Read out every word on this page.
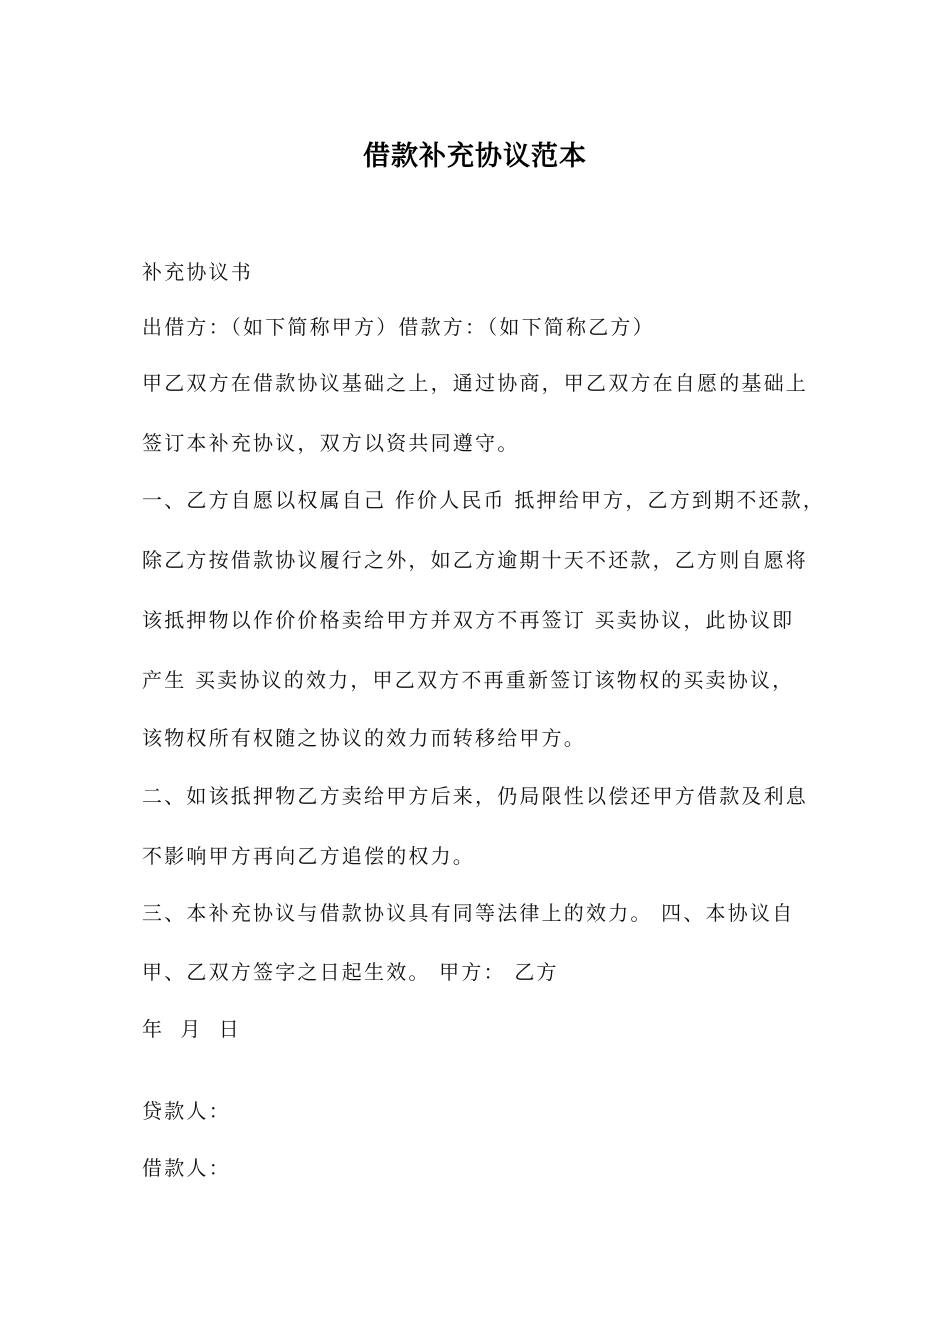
借款补充协议范本
补充协议书
出借方：（如下简称甲方）借款方：（如下简称乙方）
甲乙双方在借款协议基础之上，通过协商，甲乙双方在自愿的基础上
签订本补充协议，双方以资共同遵守。
一、乙方自愿以权属自己 作价人民币 抵押给甲方，乙方到期不还款，
除乙方按借款协议履行之外，如乙方逾期十天不还款，乙方则自愿将
该抵押物以作价价格卖给甲方并双方不再签订 买卖协议，此协议即
产生 买卖协议的效力，甲乙双方不再重新签订该物权的买卖协议，
该物权所有权随之协议的效力而转移给甲方。
二、如该抵押物乙方卖给甲方后来，仍局限性以偿还甲方借款及利息
不影响甲方再向乙方追偿的权力。
三、本补充协议与借款协议具有同等法律上的效力。 四、本协议自
甲、乙双方签字之日起生效。 甲方： 乙方
年 月 日
贷款人：
借款人：
